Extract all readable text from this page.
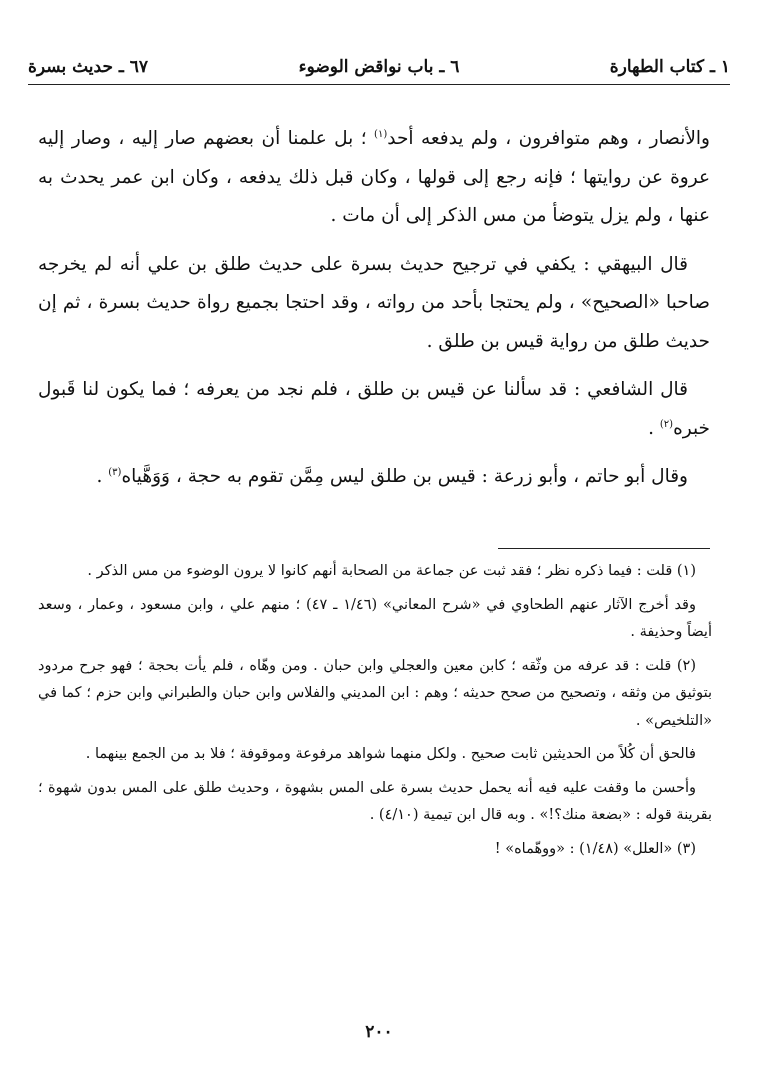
١ ـ كتاب الطهارة
٦ ـ باب نواقض الوضوء
٦٧ ـ حديث بسرة

والأنصار ، وهم متوافرون ، ولم يدفعه أحد$^{(١)}$ ؛ بل علمنا أن بعضهم صار إليه ، وصار إليه عروة عن روايتها ؛ فإنه رجع إلى قولها ، وكان قبل ذلك يدفعه ، وكان ابن عمر يحدث به عنها ، ولم يزل يتوضأ من مس الذكر إلى أن مات .

قال البيهقي : يكفي في ترجيح حديث بسرة على حديث طلق بن علي أنه لم يخرجه صاحبا «الصحيح» ، ولم يحتجا بأحد من رواته ، وقد احتجا بجميع رواة حديث بسرة ، ثم إن حديث طلق من رواية قيس بن طلق .

قال الشافعي : قد سألنا عن قيس بن طلق ، فلم نجد من يعرفه ؛ فما يكون لنا قَبول خبره$^{(٢)}$ .

وقال أبو حاتم ، وأبو زرعة : قيس بن طلق ليس مِمَّن تقوم به حجة ، وَوَهَّياه$^{(٣)}$ .

(١) قلت : فيما ذكره نظر ؛ فقد ثبت عن جماعة من الصحابة أنهم كانوا لا يرون الوضوء من مس الذكر .

وقد أخرج الآثار عنهم الطحاوي في «شرح المعاني» (١/٤٦ ـ ٤٧) ؛ منهم علي ، وابن مسعود ، وعمار ، وسعد أيضاً وحذيفة .

(٢) قلت : قد عرفه من وثّقه ؛ كابن معين والعجلي وابن حبان . ومن وهّاه ، فلم يأت بحجة ؛ فهو جرح مردود بتوثيق من وثقه ، وتصحيح من صحح حديثه ؛ وهم : ابن المديني والفلاس وابن حبان والطبراني وابن حزم ؛ كما في «التلخيص» .

فالحق أن كُلاً من الحديثين ثابت صحيح . ولكل منهما شواهد مرفوعة وموقوفة ؛ فلا بد من الجمع بينهما .

وأحسن ما وقفت عليه فيه أنه يحمل حديث بسرة على المس بشهوة ، وحديث طلق على المس بدون شهوة ؛ بقرينة قوله : «بضعة منك؟!» . وبه قال ابن تيمية (٤/١٠) .

(٣) «العلل» (١/٤٨) : «ووهّماه» !

٢٠٠
